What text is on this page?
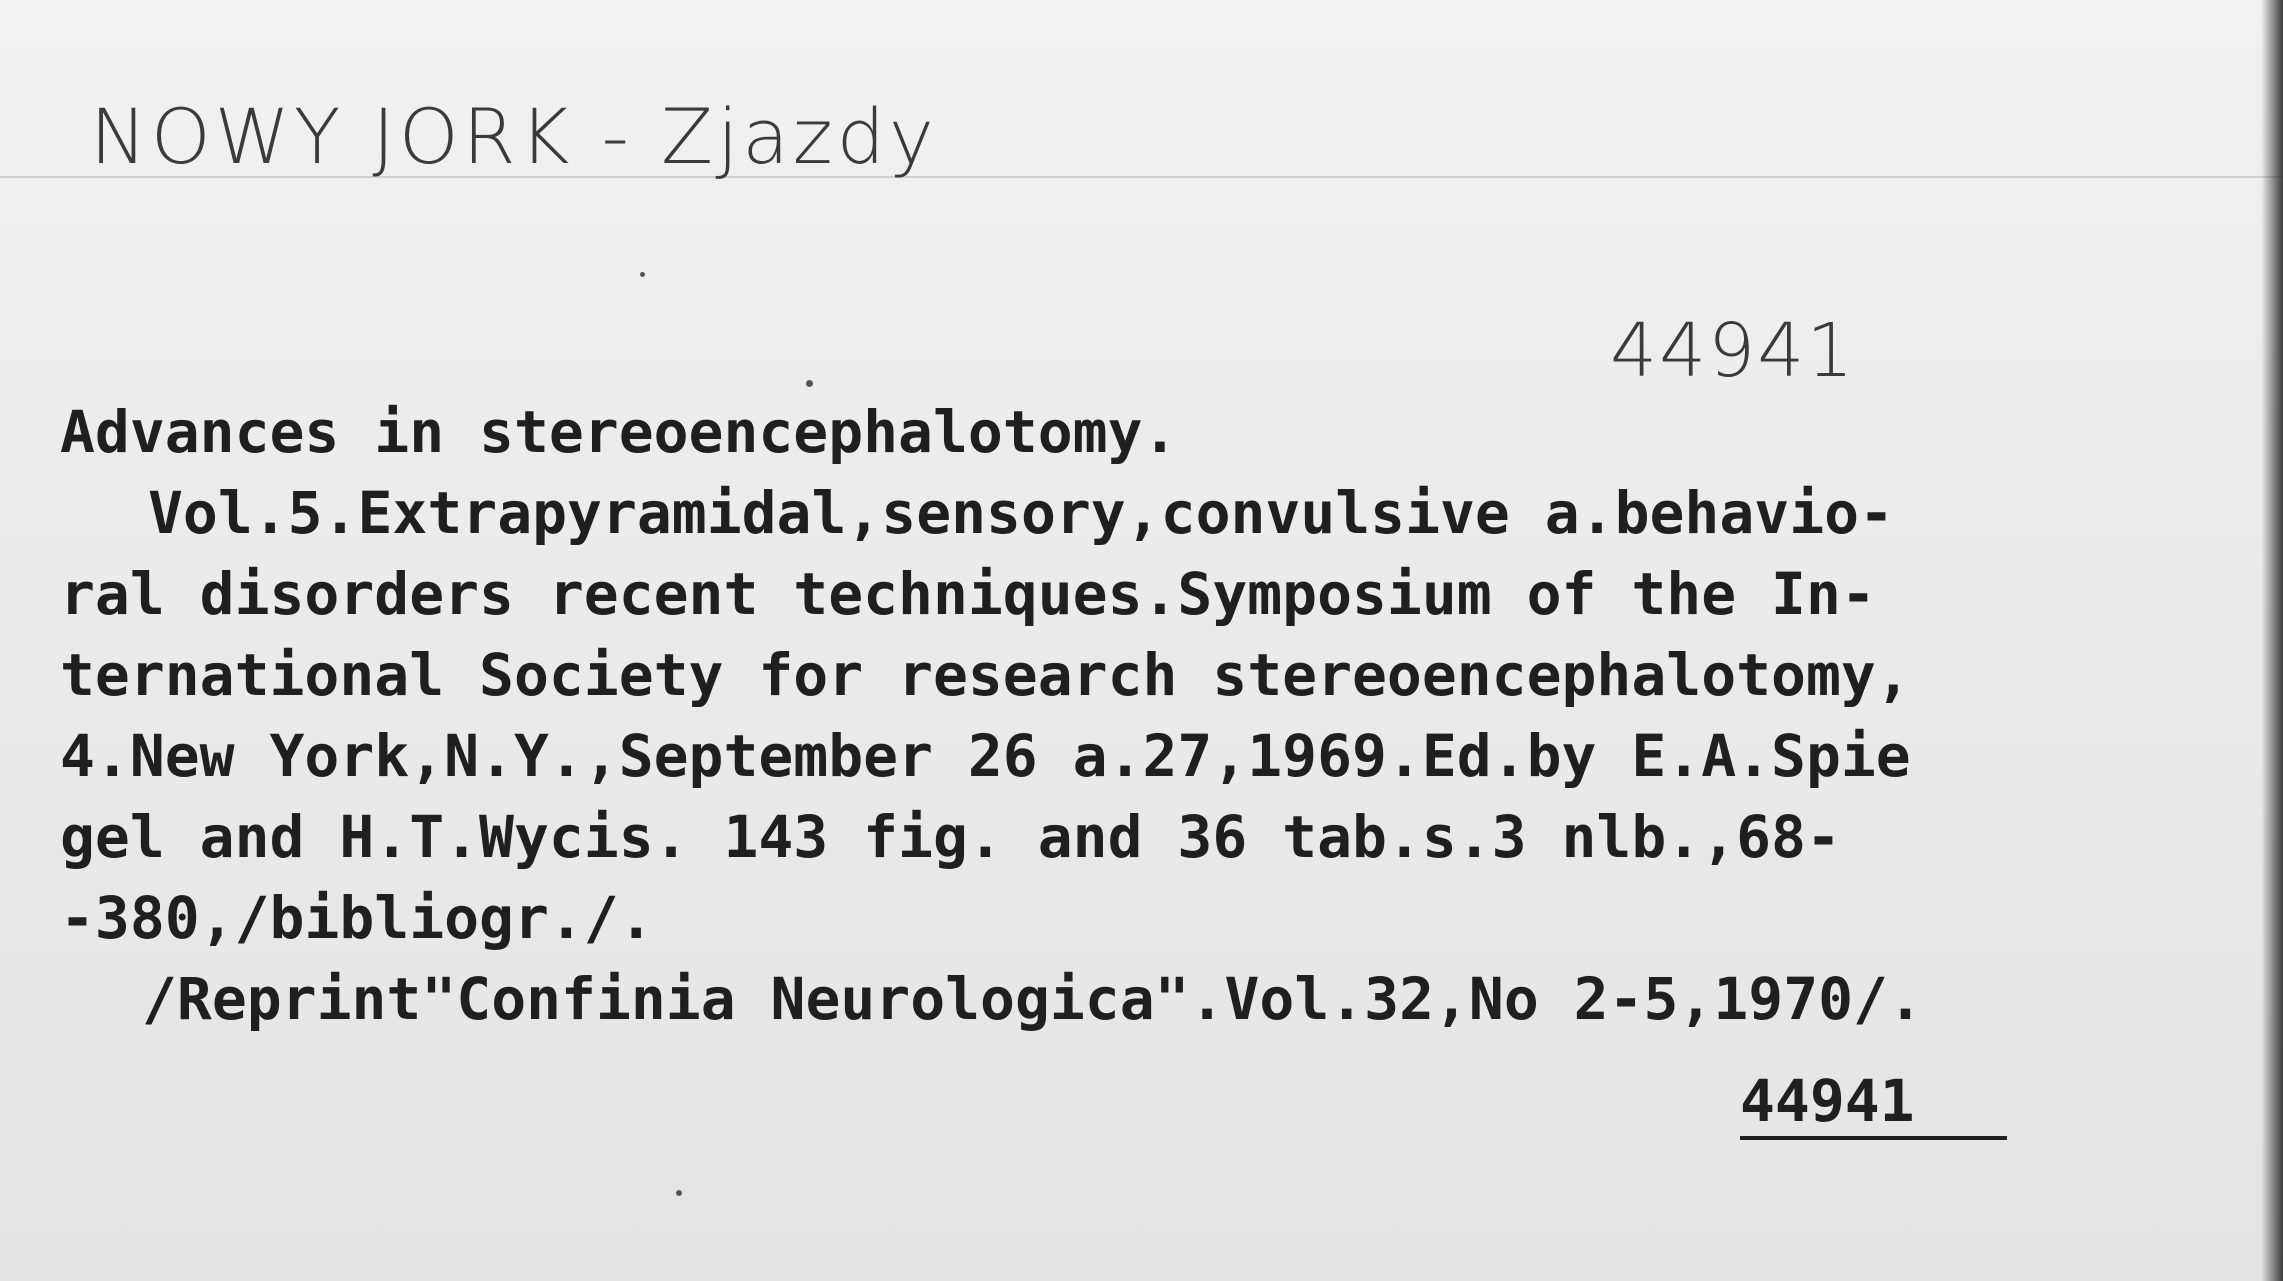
NOWY JORK - Zjazdy
44941
Advances in stereoencephalotomy.
Vol.5.Extrapyramidal,sensory,convulsive a.behavio-
ral disorders recent techniques.Symposium of the In-
ternational Society for research stereoencephalotomy,
4.New York,N.Y.,September 26 a.27,1969.Ed.by E.A.Spie
gel and H.T.Wycis. 143 fig. and 36 tab.s.3 nlb.,68-
-380,/bibliogr./.
/Reprint"Confinia Neurologica".Vol.32,No 2-5,1970/.
44941
